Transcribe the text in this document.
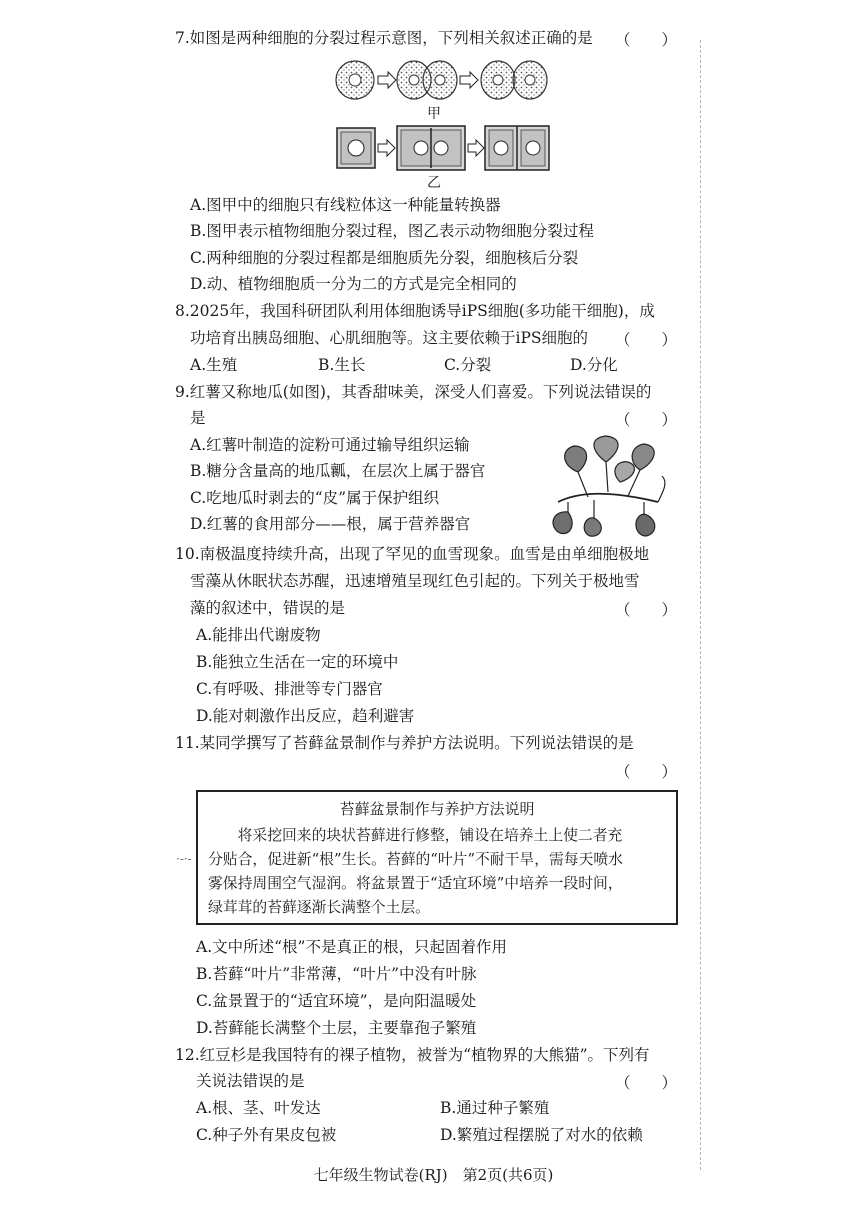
7.如图是两种细胞的分裂过程示意图，下列相关叙述正确的是 （　　）
甲
乙
A.图甲中的细胞只有线粒体这一种能量转换器
B.图甲表示植物细胞分裂过程，图乙表示动物细胞分裂过程
C.两种细胞的分裂过程都是细胞质先分裂，细胞核后分裂
D.动、植物细胞质一分为二的方式是完全相同的
8.2025年，我国科研团队利用体细胞诱导iPS细胞(多功能干细胞)，成
功培育出胰岛细胞、心肌细胞等。这主要依赖于iPS细胞的 （　　）
A.生殖	B.生长	C.分裂	D.分化
9.红薯又称地瓜(如图)，其香甜味美，深受人们喜爱。下列说法错误的
是	（　　）
A.红薯叶制造的淀粉可通过输导组织运输
B.糖分含量高的地瓜瓤，在层次上属于器官
C.吃地瓜时剥去的“皮”属于保护组织
D.红薯的食用部分——根，属于营养器官
10.南极温度持续升高，出现了罕见的血雪现象。血雪是由单细胞极地
雪藻从休眠状态苏醒，迅速增殖呈现红色引起的。下列关于极地雪
藻的叙述中，错误的是	（　　）
A.能排出代谢废物
B.能独立生活在一定的环境中
C.有呼吸、排泄等专门器官
D.能对刺激作出反应，趋利避害
11.某同学撰写了苔藓盆景制作与养护方法说明。下列说法错误的是
（　　）
苔藓盆景制作与养护方法说明
　　将采挖回来的块状苔藓进行修整，铺设在培养土上使二者充
分贴合，促进新“根”生长。苔藓的“叶片”不耐干旱，需每天喷水
雾保持周围空气湿润。将盆景置于“适宜环境”中培养一段时间，
绿茸茸的苔藓逐渐长满整个土层。
·-·-
A.文中所述“根”不是真正的根，只起固着作用
B.苔藓“叶片”非常薄，“叶片”中没有叶脉
C.盆景置于的“适宜环境”，是向阳温暖处
D.苔藓能长满整个土层，主要靠孢子繁殖
12.红豆杉是我国特有的裸子植物，被誉为“植物界的大熊猫”。下列有
关说法错误的是	（　　）
A.根、茎、叶发达	B.通过种子繁殖
C.种子外有果皮包被	D.繁殖过程摆脱了对水的依赖
七年级生物试卷(RJ)　第2页(共6页)
